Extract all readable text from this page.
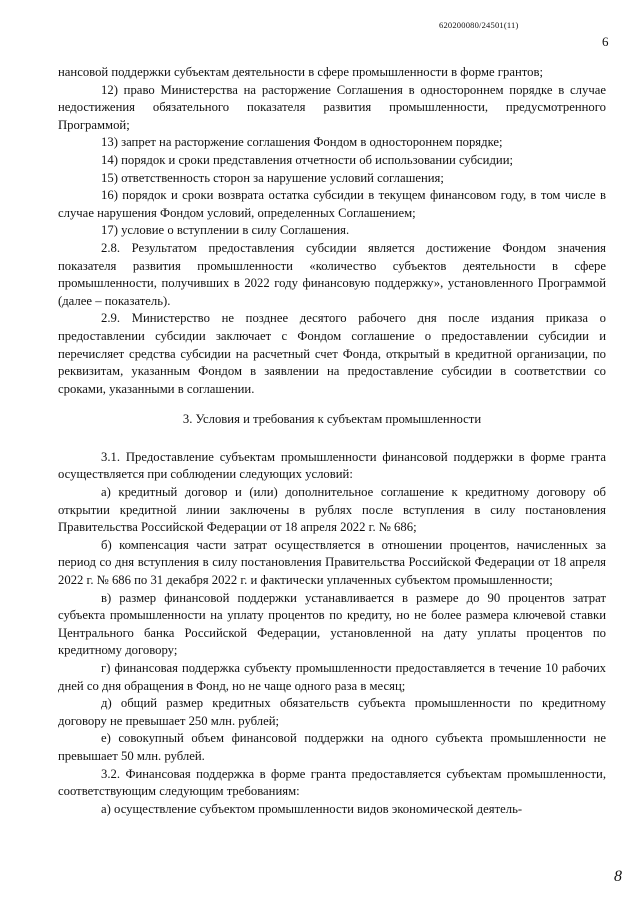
620200080/24501(11)
6

нансовой поддержки субъектам деятельности в сфере промышленности в форме грантов;

12) право Министерства на расторжение Соглашения в одностороннем порядке в случае недостижения обязательного показателя развития промышленности, предусмотренного Программой;

13) запрет на расторжение соглашения Фондом в одностороннем порядке;

14) порядок и сроки представления отчетности об использовании субсидии;

15) ответственность сторон за нарушение условий соглашения;

16) порядок и сроки возврата остатка субсидии в текущем финансовом году, в том числе в случае нарушения Фондом условий, определенных Соглашением;

17) условие о вступлении в силу Соглашения.

2.8. Результатом предоставления субсидии является достижение Фондом значения показателя развития промышленности «количество субъектов деятельности в сфере промышленности, получивших в 2022 году финансовую поддержку», установленного Программой (далее – показатель).

2.9. Министерство не позднее десятого рабочего дня после издания приказа о предоставлении субсидии заключает с Фондом соглашение о предоставлении субсидии и перечисляет средства субсидии на расчетный счет Фонда, открытый в кредитной организации, по реквизитам, указанным Фондом в заявлении на предоставление субсидии в соответствии со сроками, указанными в соглашении.

3. Условия и требования к субъектам промышленности

3.1. Предоставление субъектам промышленности финансовой поддержки в форме гранта осуществляется при соблюдении следующих условий:

а) кредитный договор и (или) дополнительное соглашение к кредитному договору об открытии кредитной линии заключены в рублях после вступления в силу постановления Правительства Российской Федерации от 18 апреля 2022 г. № 686;

б) компенсация части затрат осуществляется в отношении процентов, начисленных за период со дня вступления в силу постановления Правительства Российской Федерации от 18 апреля 2022 г. № 686 по 31 декабря 2022 г. и фактически уплаченных субъектом промышленности;

в) размер финансовой поддержки устанавливается в размере до 90 процентов затрат субъекта промышленности на уплату процентов по кредиту, но не более размера ключевой ставки Центрального банка Российской Федерации, установленной на дату уплаты процентов по кредитному договору;

г) финансовая поддержка субъекту промышленности предоставляется в течение 10 рабочих дней со дня обращения в Фонд, но не чаще одного раза в месяц;

д) общий размер кредитных обязательств субъекта промышленности по кредитному договору не превышает 250 млн. рублей;

е) совокупный объем финансовой поддержки на одного субъекта промышленности не превышает 50 млн. рублей.

3.2. Финансовая поддержка в форме гранта предоставляется субъектам промышленности, соответствующим следующим требованиям:

а) осуществление субъектом промышленности видов экономической деятель-

8
